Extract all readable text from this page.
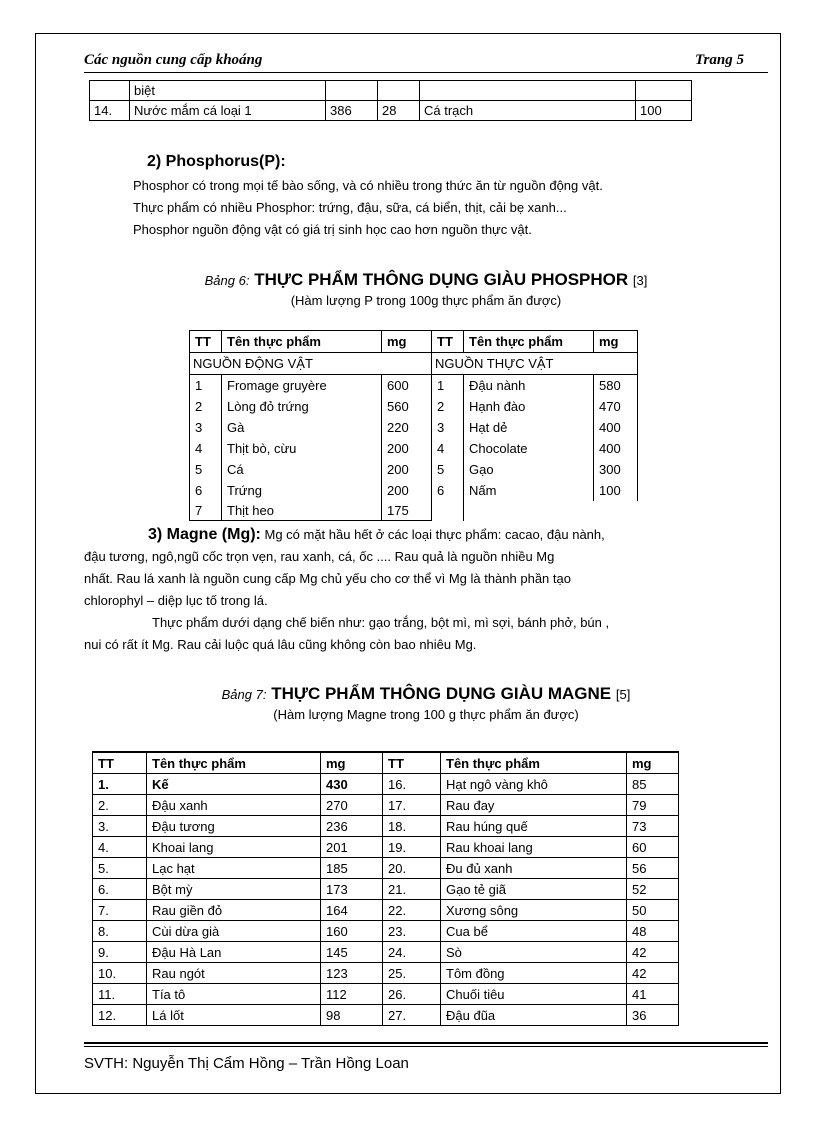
Các nguồn cung cấp khoáng	Trang 5
	biệt				
14.	Nước mắm cá loại 1	386	28	Cá trạch	100
2) Phosphorus(P):
Phosphor có trong mọi tế bào sống, và có nhiều trong thức ăn từ nguồn động vật.
Thực phẩm có nhiều Phosphor: trứng, đậu, sữa, cá biển, thịt, cải bẹ xanh...
Phosphor nguồn động vật có giá trị sinh học cao hơn nguồn thực vật.
Bảng 6: THỰC PHẨM THÔNG DỤNG GIÀU PHOSPHOR [3]
(Hàm lượng P trong 100g thực phẩm ăn được)
TT	Tên thực phẩm	mg	TT	Tên thực phẩm	mg
NGUỒN ĐỘNG VẬT			NGUỒN THỰC VẬT		
1	Fromage gruyère	600	1	Đậu nành	580
2	Lòng đỏ trứng	560	2	Hạnh đào	470
3	Gà	220	3	Hạt dẻ	400
4	Thịt bò, cừu	200	4	Chocolate	400
5	Cá	200	5	Gạo	300
6	Trứng	200	6	Nấm	100
7	Thịt heo	175			
3) Magne (Mg): Mg có mặt hầu hết ở các loại thực phẩm: cacao, đậu nành,
đậu tương, ngô,ngũ cốc trọn vẹn, rau xanh, cá, ốc .... Rau quả là nguồn nhiều Mg
nhất. Rau lá xanh là nguồn cung cấp Mg chủ yếu cho cơ thể vì Mg là thành phần tạo
chlorophyl – diệp lục tố trong lá.
Thực phẩm dưới dạng chế biến như: gạo trắng, bột mì, mì sợi, bánh phở, bún ,
nui có rất ít Mg. Rau cải luộc quá lâu cũng không còn bao nhiêu Mg.
Bảng 7: THỰC PHẨM THÔNG DỤNG GIÀU MAGNE [5]
(Hàm lượng Magne trong 100 g thực phẩm ăn được)
TT	Tên thực phẩm	mg	TT	Tên thực phẩm	mg
1.	Kế	430	16.	Hạt ngô vàng khô	85
2.	Đậu xanh	270	17.	Rau đay	79
3.	Đậu tương	236	18.	Rau húng quế	73
4.	Khoai lang	201	19.	Rau khoai lang	60
5.	Lạc hạt	185	20.	Đu đủ xanh	56
6.	Bột mỳ	173	21.	Gạo tẻ giã	52
7.	Rau giền đỏ	164	22.	Xương sông	50
8.	Cùi dừa già	160	23.	Cua bể	48
9.	Đậu Hà Lan	145	24.	Sò	42
10.	Rau ngót	123	25.	Tôm đồng	42
11.	Tía tô	112	26.	Chuối tiêu	41
12.	Lá lốt	98	27.	Đậu đũa	36
SVTH: Nguyễn Thị Cẩm Hồng – Trần Hồng Loan
